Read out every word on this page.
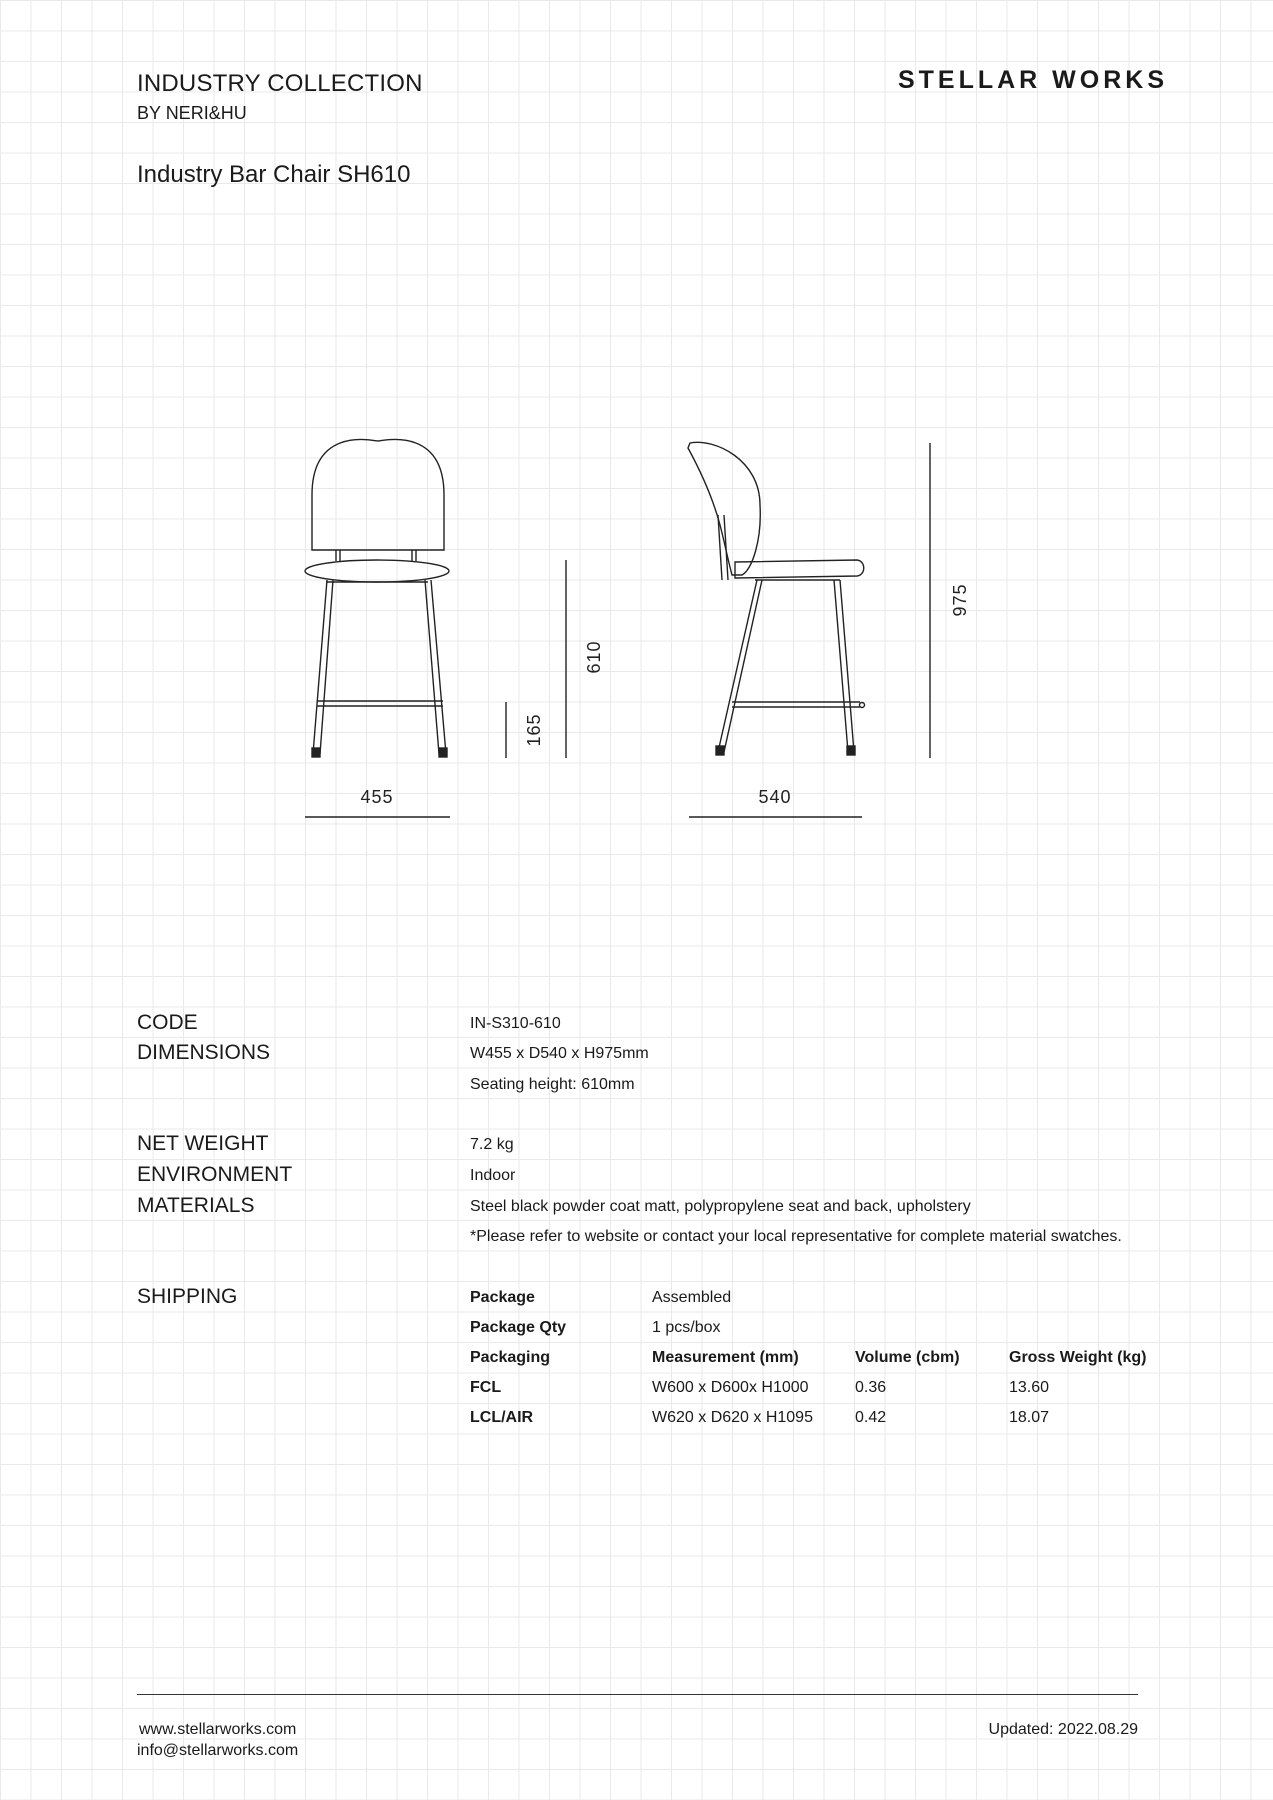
INDUSTRY COLLECTION
BY NERI&HU
STELLAR WORKS
Industry Bar Chair SH610
455	540
165
610
975
CODE	IN-S310-610
DIMENSIONS	W455 x D540 x H975mm
Seating height: 610mm
NET WEIGHT	7.2 kg
ENVIRONMENT	Indoor
MATERIALS	Steel black powder coat matt, polypropylene seat and back, upholstery
*Please refer to website or contact your local representative for complete material swatches.
SHIPPING	Package	Assembled
Package Qty	1 pcs/box
Packaging	Measurement (mm)	Volume (cbm)	Gross Weight (kg)
FCL	W600 x D600x H1000	0.36	13.60
LCL/AIR	W620 x D620 x H1095	0.42	18.07
www.stellarworks.com
info@stellarworks.com
Updated: 2022.08.29
